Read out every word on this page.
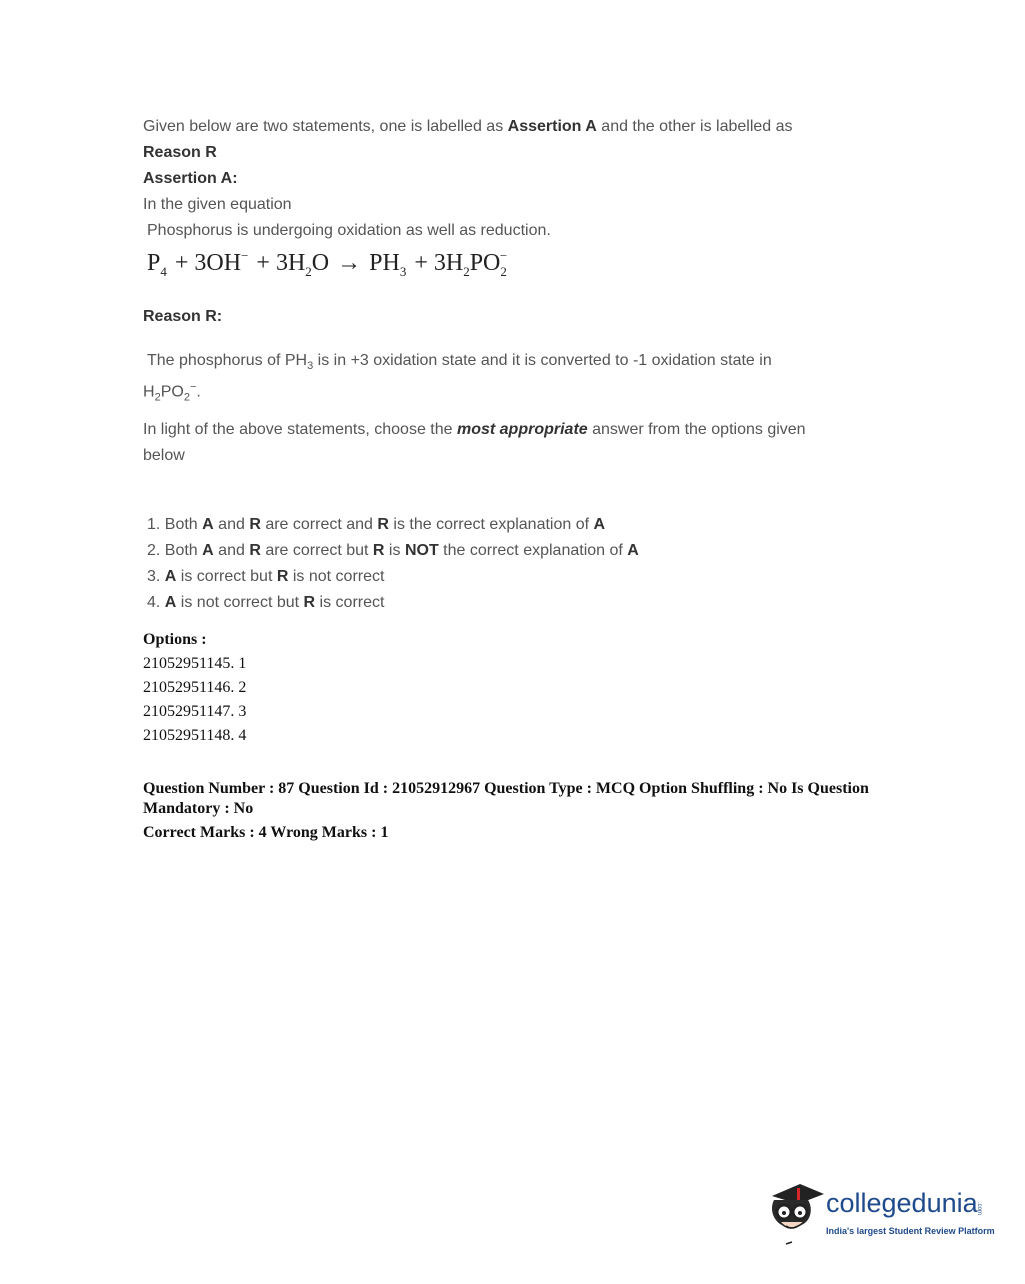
Given below are two statements, one is labelled as Assertion A and the other is labelled as
Reason R
Assertion A:
In the given equation
Phosphorus is undergoing oxidation as well as reduction.
$P_4 + 3OH^- + 3H_2O \to PH_3 + 3H_2PO_2^-$
Reason R:
The phosphorus of $PH_3$ is in +3 oxidation state and it is converted to -1 oxidation state in
$H_2PO_2^-$.
In light of the above statements, choose the most appropriate answer from the options given
below
1. Both A and R are correct and R is the correct explanation of A
2. Both A and R are correct but R is NOT the correct explanation of A
3. A is correct but R is not correct
4. A is not correct but R is correct
Options :
21052951145. 1
21052951146. 2
21052951147. 3
21052951148. 4
Question Number : 87 Question Id : 21052912967 Question Type : MCQ Option Shuffling : No Is Question Mandatory : No
Correct Marks : 4 Wrong Marks : 1
collegedunia
.com
India's largest Student Review Platform
